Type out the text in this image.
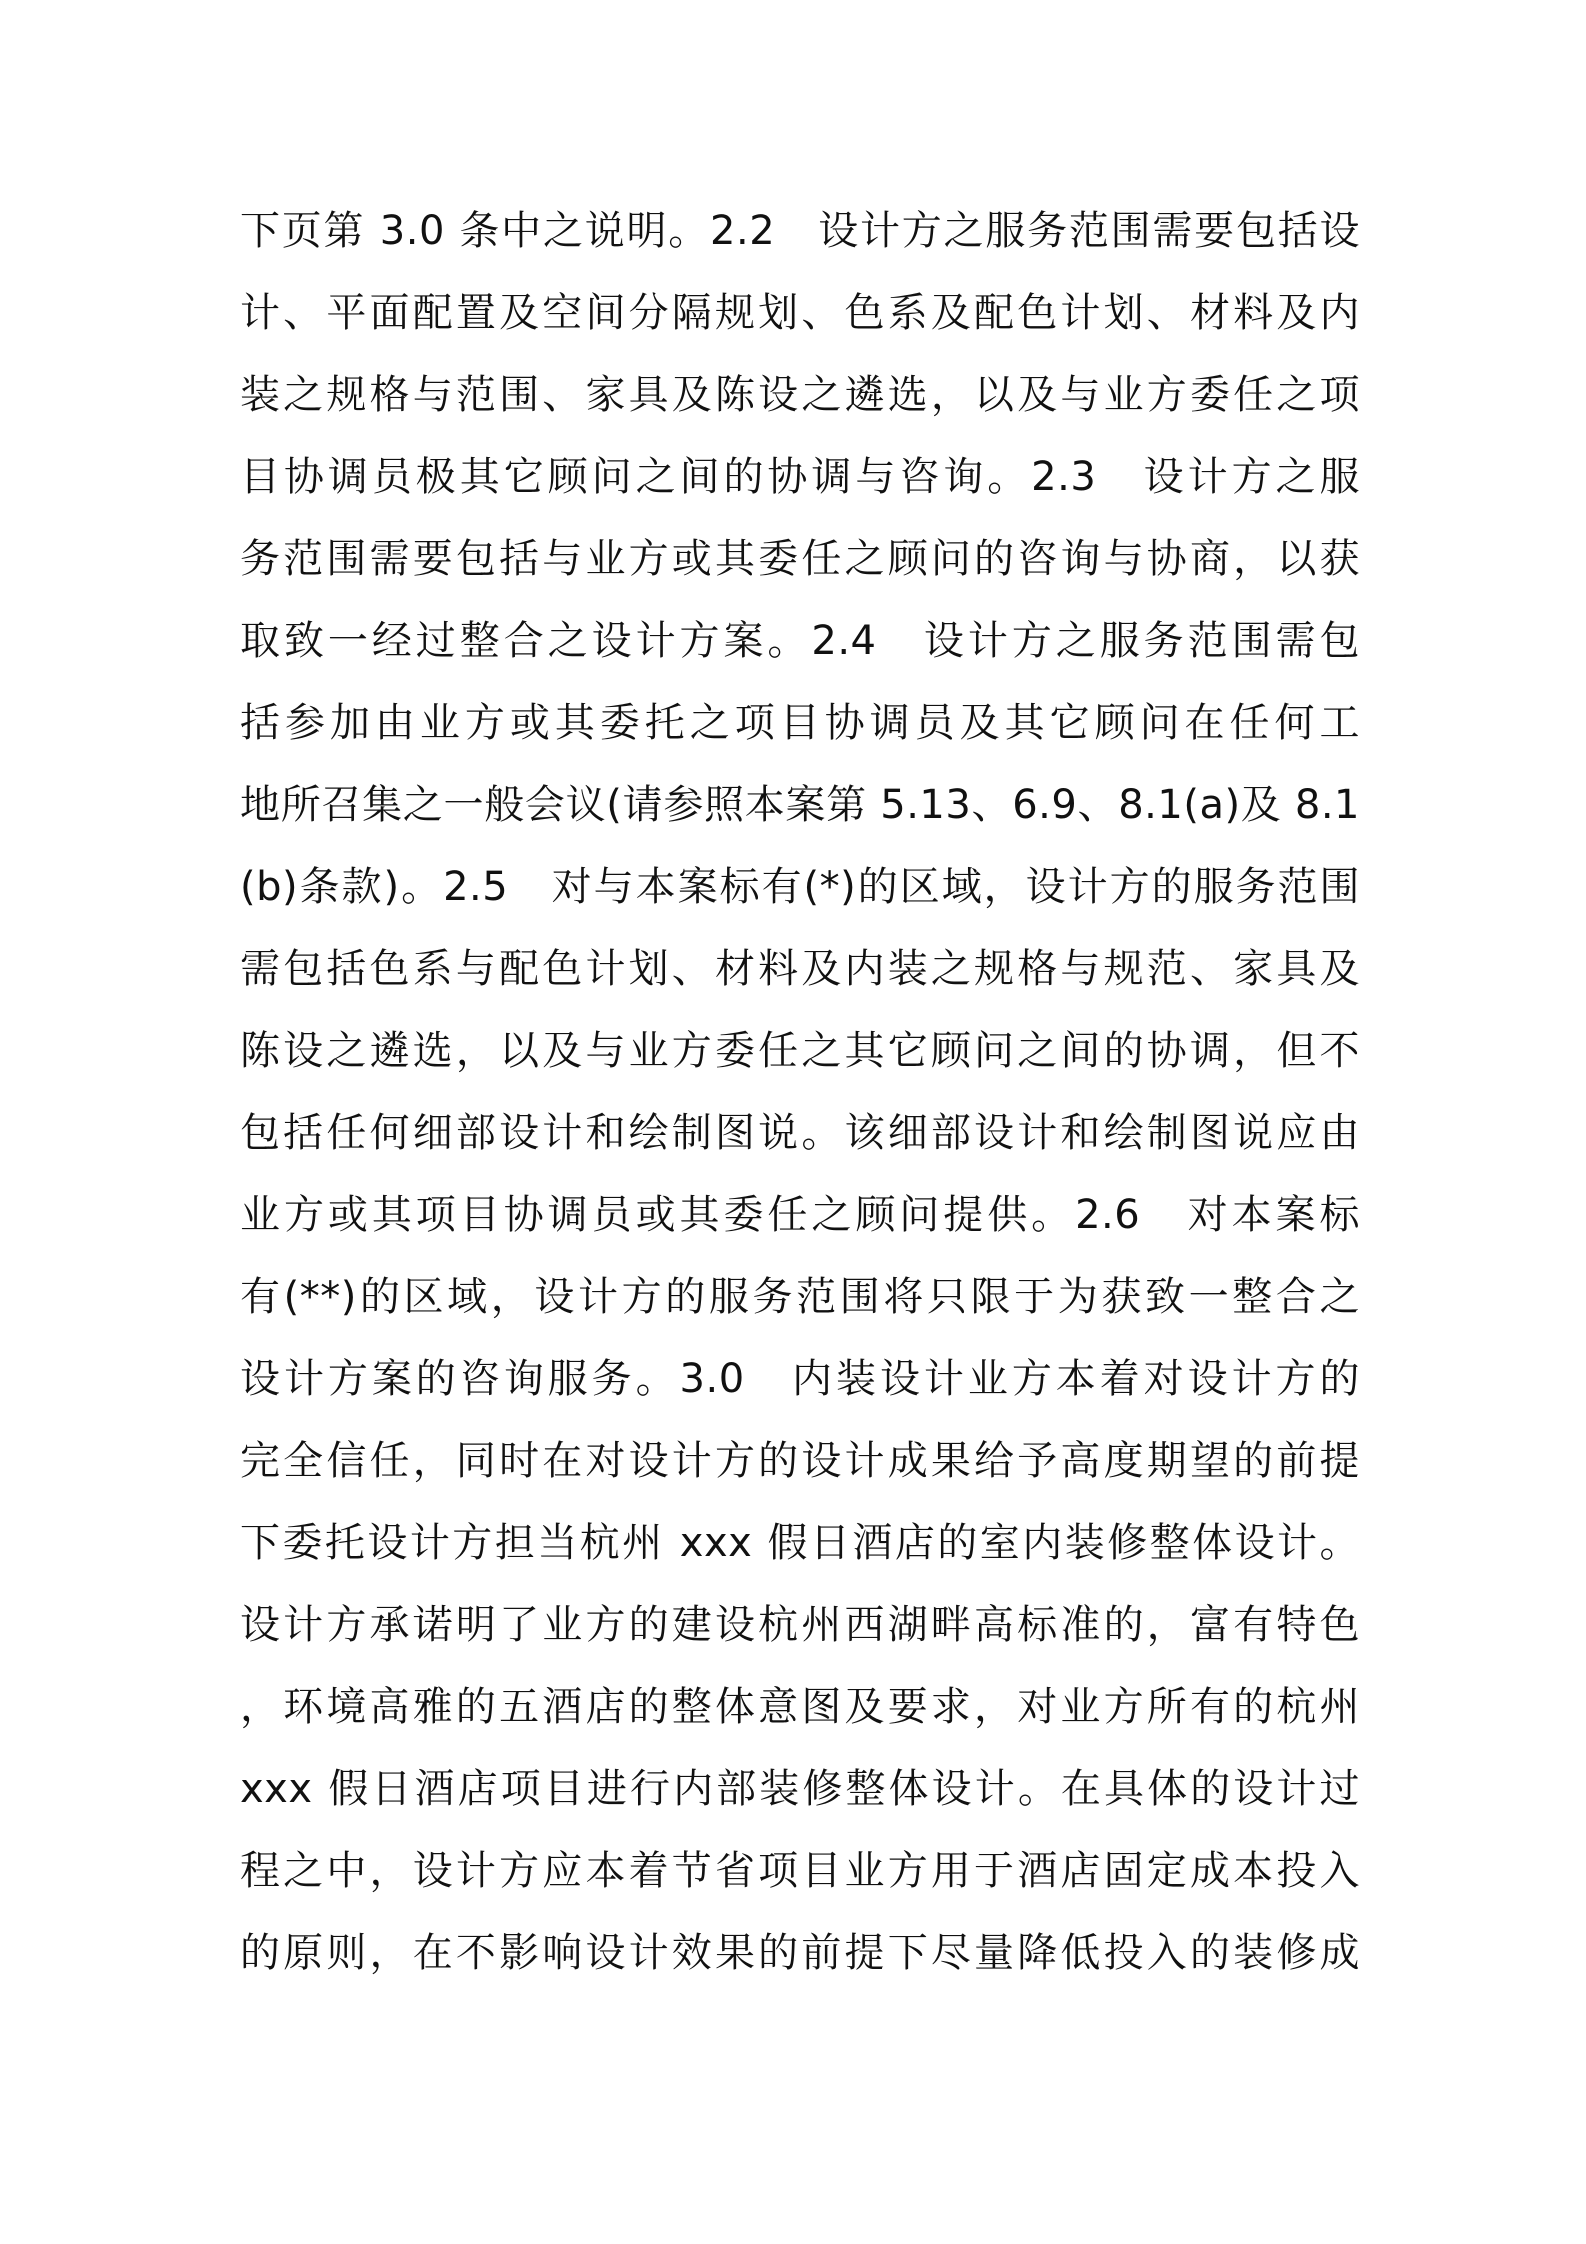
下页第 3.0 条中之说明。2.2　设计方之服务范围需要包括设
计、平面配置及空间分隔规划、色系及配色计划、材料及内
装之规格与范围、家具及陈设之遴选，以及与业方委任之项
目协调员极其它顾问之间的协调与咨询。2.3　设计方之服
务范围需要包括与业方或其委任之顾问的咨询与协商，以获
取致一经过整合之设计方案。2.4　设计方之服务范围需包
括参加由业方或其委托之项目协调员及其它顾问在任何工
地所召集之一般会议(请参照本案第 5.13、6.9、8.1(a)及 8.1
(b)条款)。2.5　对与本案标有(*)的区域，设计方的服务范围
需包括色系与配色计划、材料及内装之规格与规范、家具及
陈设之遴选，以及与业方委任之其它顾问之间的协调，但不
包括任何细部设计和绘制图说。该细部设计和绘制图说应由
业方或其项目协调员或其委任之顾问提供。2.6　对本案标
有(**)的区域，设计方的服务范围将只限于为获致一整合之
设计方案的咨询服务。3.0　内装设计业方本着对设计方的
完全信任，同时在对设计方的设计成果给予高度期望的前提
下委托设计方担当杭州 xxx 假日酒店的室内装修整体设计。
设计方承诺明了业方的建设杭州西湖畔高标准的，富有特色
，环境高雅的五酒店的整体意图及要求，对业方所有的杭州
xxx 假日酒店项目进行内部装修整体设计。在具体的设计过
程之中，设计方应本着节省项目业方用于酒店固定成本投入
的原则，在不影响设计效果的前提下尽量降低投入的装修成
